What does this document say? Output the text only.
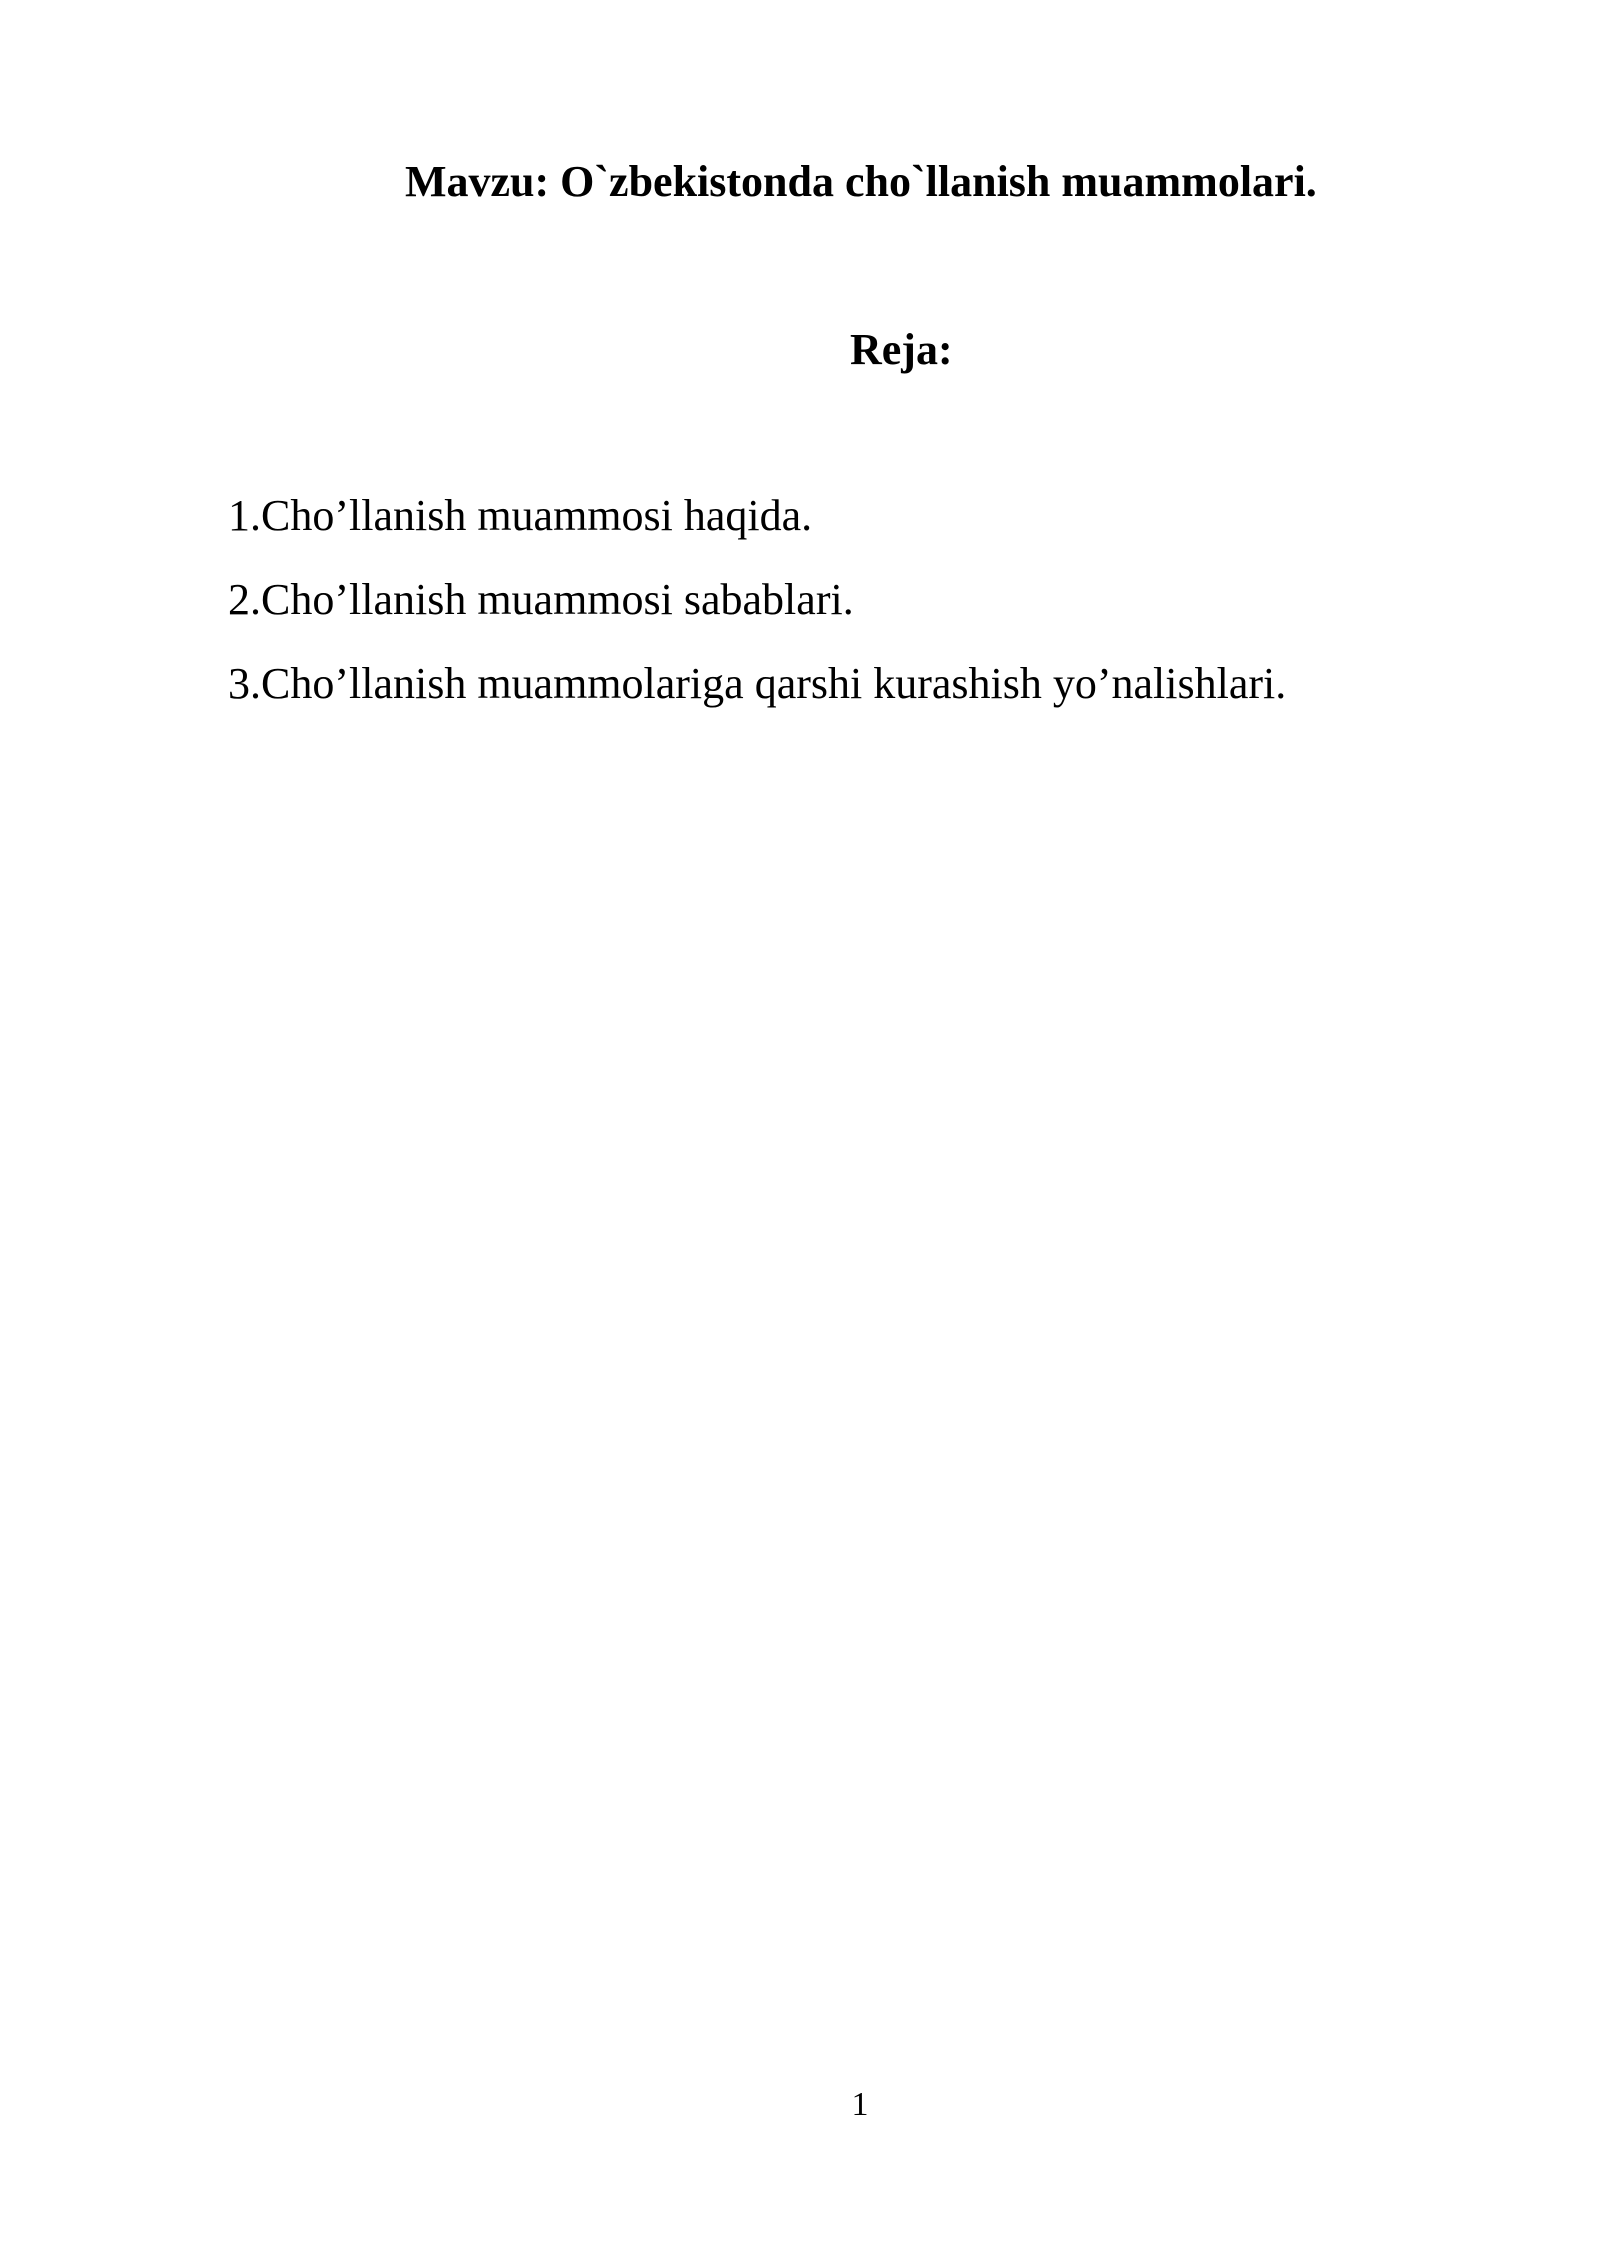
Mavzu: O`zbekistonda cho`llanish muammolari.
Reja:
1.Cho’llanish muammosi haqida.
2.Cho’llanish muammosi sabablari.
3.Cho’llanish muammolariga qarshi kurashish yo’nalishlari.

1
